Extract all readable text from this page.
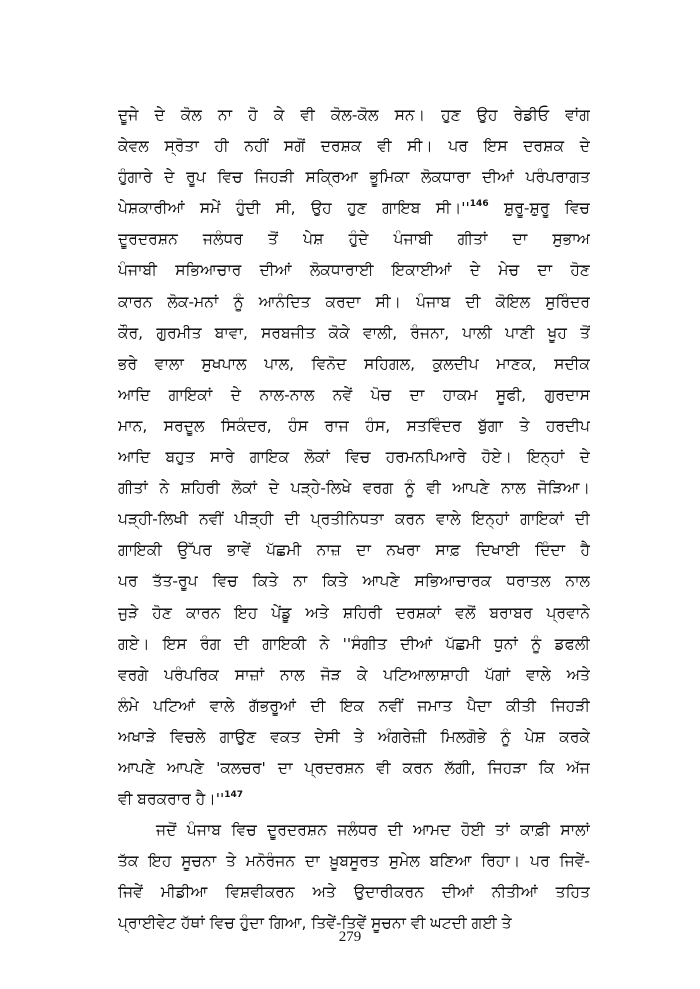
ਦੂਜੇ ਦੇ ਕੋਲ ਨਾ ਹੋ ਕੇ ਵੀ ਕੋਲ-ਕੋਲ ਸਨ। ਹੁਣ ਉਹ ਰੇਡੀਓ ਵਾਂਗ
ਕੇਵਲ ਸ੍ਰੋਤਾ ਹੀ ਨਹੀਂ ਸਗੋਂ ਦਰਸ਼ਕ ਵੀ ਸੀ। ਪਰ ਇਸ ਦਰਸ਼ਕ ਦੇ
ਹੁੰਗਾਰੇ ਦੇ ਰੂਪ ਵਿਚ ਜਿਹੜੀ ਸਕ੍ਰਿਆ ਭੂਮਿਕਾ ਲੋਕਧਾਰਾ ਦੀਆਂ ਪਰੰਪਰਾਗਤ
ਪੇਸ਼ਕਾਰੀਆਂ ਸਮੇਂ ਹੁੰਦੀ ਸੀ, ਉਹ ਹੁਣ ਗਾਇਬ ਸੀ।''$^{146}$ ਸ਼ੁਰੂ-ਸ਼ੁਰੂ ਵਿਚ
ਦੂਰਦਰਸ਼ਨ ਜਲੰਧਰ ਤੋਂ ਪੇਸ਼ ਹੁੰਦੇ ਪੰਜਾਬੀ ਗੀਤਾਂ ਦਾ ਸੁਭਾਅ
ਪੰਜਾਬੀ ਸਭਿਆਚਾਰ ਦੀਆਂ ਲੋਕਧਾਰਾਈ ਇਕਾਈਆਂ ਦੇ ਮੇਚ ਦਾ ਹੋਣ
ਕਾਰਨ ਲੋਕ-ਮਨਾਂ ਨੂੰ ਆਨੰਦਿਤ ਕਰਦਾ ਸੀ। ਪੰਜਾਬ ਦੀ ਕੋਇਲ ਸੁਰਿੰਦਰ
ਕੌਰ, ਗੁਰਮੀਤ ਬਾਵਾ, ਸਰਬਜੀਤ ਕੋਕੇ ਵਾਲੀ, ਰੰਜਨਾ, ਪਾਲੀ ਪਾਣੀ ਖੂਹ ਤੋਂ
ਭਰੇ ਵਾਲਾ ਸੁਖਪਾਲ ਪਾਲ, ਵਿਨੋਦ ਸਹਿਗਲ, ਕੁਲਦੀਪ ਮਾਣਕ, ਸਦੀਕ
ਆਦਿ ਗਾਇਕਾਂ ਦੇ ਨਾਲ-ਨਾਲ ਨਵੇਂ ਪੋਚ ਦਾ ਹਾਕਮ ਸੂਫੀ, ਗੁਰਦਾਸ
ਮਾਨ, ਸਰਦੂਲ ਸਿਕੰਦਰ, ਹੰਸ ਰਾਜ ਹੰਸ, ਸਤਵਿੰਦਰ ਬੁੱਗਾ ਤੇ ਹਰਦੀਪ
ਆਦਿ ਬਹੁਤ ਸਾਰੇ ਗਾਇਕ ਲੋਕਾਂ ਵਿਚ ਹਰਮਨਪਿਆਰੇ ਹੋਏ। ਇਨ੍ਹਾਂ ਦੇ
ਗੀਤਾਂ ਨੇ ਸ਼ਹਿਰੀ ਲੋਕਾਂ ਦੇ ਪੜ੍ਹੇ-ਲਿਖੇ ਵਰਗ ਨੂੰ ਵੀ ਆਪਣੇ ਨਾਲ ਜੋੜਿਆ।
ਪੜ੍ਹੀ-ਲਿਖੀ ਨਵੀਂ ਪੀੜ੍ਹੀ ਦੀ ਪ੍ਰਤੀਨਿਧਤਾ ਕਰਨ ਵਾਲੇ ਇਨ੍ਹਾਂ ਗਾਇਕਾਂ ਦੀ
ਗਾਇਕੀ ਉੱਪਰ ਭਾਵੇਂ ਪੱਛਮੀ ਨਾਜ਼ ਦਾ ਨਖਰਾ ਸਾਫ਼ ਦਿਖਾਈ ਦਿੰਦਾ ਹੈ
ਪਰ ਤੱਤ-ਰੂਪ ਵਿਚ ਕਿਤੇ ਨਾ ਕਿਤੇ ਆਪਣੇ ਸਭਿਆਚਾਰਕ ਧਰਾਤਲ ਨਾਲ
ਜੁੜੇ ਹੋਣ ਕਾਰਨ ਇਹ ਪੇਂਡੂ ਅਤੇ ਸ਼ਹਿਰੀ ਦਰਸ਼ਕਾਂ ਵਲੋਂ ਬਰਾਬਰ ਪ੍ਰਵਾਨੇ
ਗਏ। ਇਸ ਰੰਗ ਦੀ ਗਾਇਕੀ ਨੇ ''ਸੰਗੀਤ ਦੀਆਂ ਪੱਛਮੀ ਧੁਨਾਂ ਨੂੰ ਡਫਲੀ
ਵਰਗੇ ਪਰੰਪਰਿਕ ਸਾਜ਼ਾਂ ਨਾਲ ਜੋੜ ਕੇ ਪਟਿਆਲਾਸ਼ਾਹੀ ਪੱਗਾਂ ਵਾਲੇ ਅਤੇ
ਲੰਮੇ ਪਟਿਆਂ ਵਾਲੇ ਗੱਭਰੂਆਂ ਦੀ ਇਕ ਨਵੀਂ ਜਮਾਤ ਪੈਦਾ ਕੀਤੀ ਜਿਹੜੀ
ਅਖਾੜੇ ਵਿਚਲੇ ਗਾਉਣ ਵਕਤ ਦੇਸੀ ਤੇ ਅੰਗਰੇਜ਼ੀ ਮਿਲਗੋਭੇ ਨੂੰ ਪੇਸ਼ ਕਰਕੇ
ਆਪਣੇ ਆਪਣੇ 'ਕਲਚਰ' ਦਾ ਪ੍ਰਦਰਸ਼ਨ ਵੀ ਕਰਨ ਲੱਗੀ, ਜਿਹੜਾ ਕਿ ਅੱਜ
ਵੀ ਬਰਕਰਾਰ ਹੈ।''$^{147}$
ਜਦੋਂ ਪੰਜਾਬ ਵਿਚ ਦੂਰਦਰਸ਼ਨ ਜਲੰਧਰ ਦੀ ਆਮਦ ਹੋਈ ਤਾਂ ਕਾਫ਼ੀ ਸਾਲਾਂ
ਤੱਕ ਇਹ ਸੂਚਨਾ ਤੇ ਮਨੋਰੰਜਨ ਦਾ ਖ਼ੂਬਸੂਰਤ ਸੁਮੇਲ ਬਣਿਆ ਰਿਹਾ। ਪਰ ਜਿਵੇਂ-
ਜਿਵੇਂ ਮੀਡੀਆ ਵਿਸ਼ਵੀਕਰਨ ਅਤੇ ਉਦਾਰੀਕਰਨ ਦੀਆਂ ਨੀਤੀਆਂ ਤਹਿਤ
ਪ੍ਰਾਈਵੇਟ ਹੱਥਾਂ ਵਿਚ ਹੁੰਦਾ ਗਿਆ, ਤਿਵੇਂ-ਤਿਵੇਂ ਸੂਚਨਾ ਵੀ ਘਟਦੀ ਗਈ ਤੇ
279
